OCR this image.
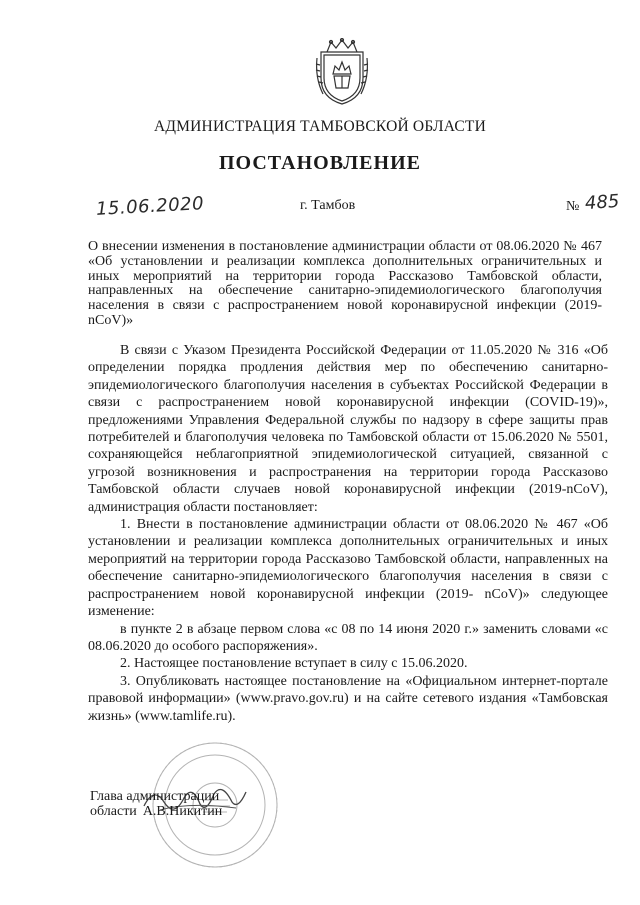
АДМИНИСТРАЦИЯ ТАМБОВСКОЙ ОБЛАСТИ
ПОСТАНОВЛЕНИЕ
15.06.2020	г. Тамбов	№ 485
О внесении изменения в постановление администрации области от 08.06.2020 № 467 «Об установлении и реализации комплекса дополнительных ограничительных и иных мероприятий на территории города Рассказово Тамбовской области, направленных на обеспечение санитарно-эпидемиологического благополучия населения в связи с распространением новой коронавирусной инфекции (2019-nCoV)»

В связи с Указом Президента Российской Федерации от 11.05.2020 № 316 «Об определении порядка продления действия мер по обеспечению санитарно-эпидемиологического благополучия населения в субъектах Российской Федерации в связи с распространением новой коронавирусной инфекции (COVID-19)», предложениями Управления Федеральной службы по надзору в сфере защиты прав потребителей и благополучия человека по Тамбовской области от 15.06.2020 № 5501, сохраняющейся неблагоприятной эпидемиологической ситуацией, связанной с угрозой возникновения и распространения на территории города Рассказово Тамбовской области случаев новой коронавирусной инфекции (2019-nCoV), администрация области постановляет:

1. Внести в постановление администрации области от 08.06.2020 № 467 «Об установлении и реализации комплекса дополнительных ограничительных и иных мероприятий на территории города Рассказово Тамбовской области, направленных на обеспечение санитарно-эпидемиологического благополучия населения в связи с распространением новой коронавирусной инфекции (2019- nCoV)» следующее изменение:

в пункте 2 в абзаце первом слова «с 08 по 14 июня 2020 г.» заменить словами «с 08.06.2020 до особого распоряжения».

2. Настоящее постановление вступает в силу с 15.06.2020.

3. Опубликовать настоящее постановление на «Официальном интернет-портале правовой информации» (www.pravo.gov.ru) и на сайте сетевого издания «Тамбовская жизнь» (www.tamlife.ru).

Глава администрации
области А.В.Никитин
